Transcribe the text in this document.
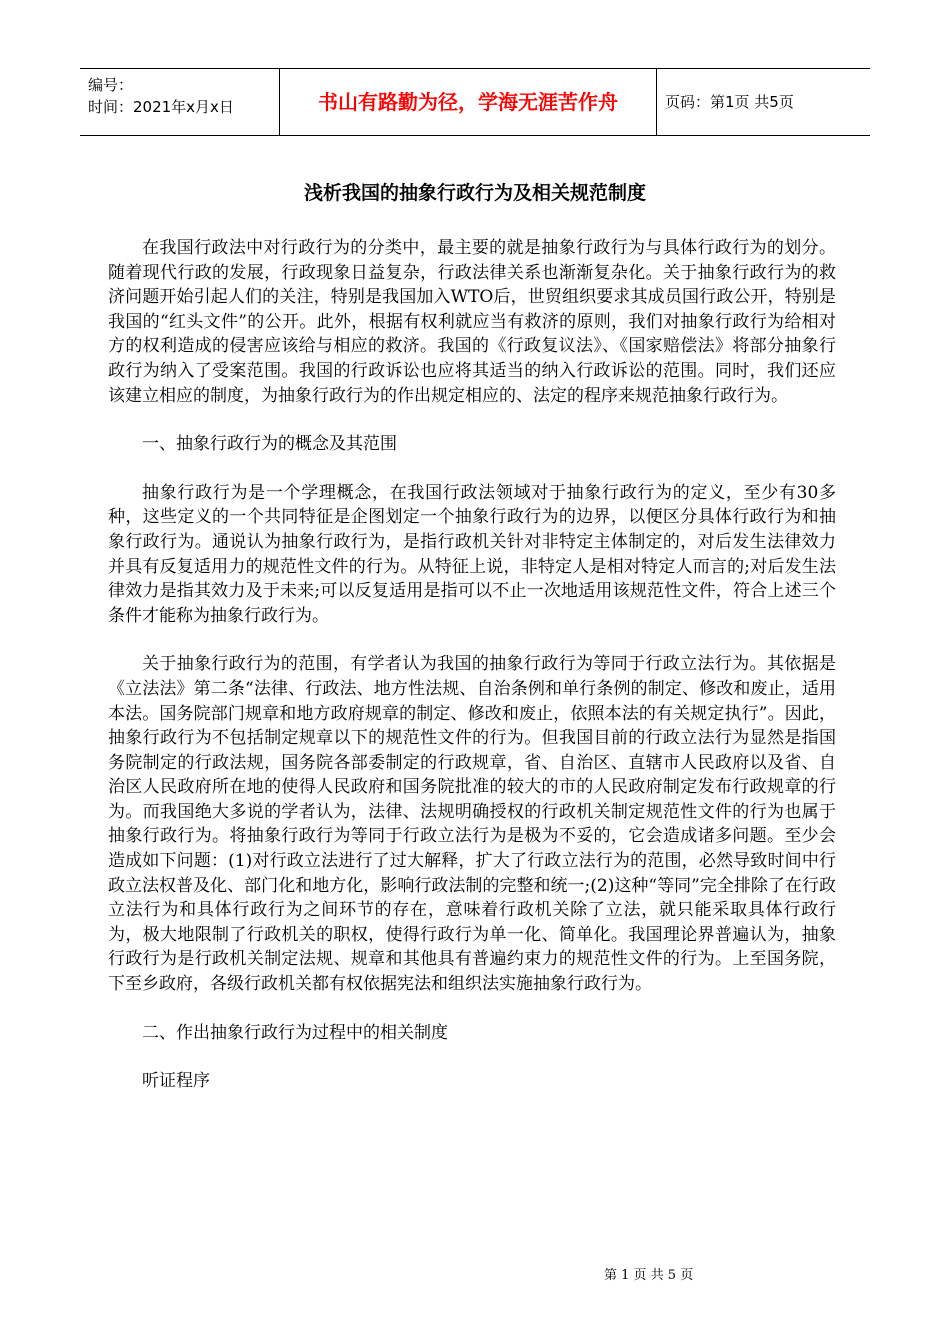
编号：
时间：2021年x月x日	书山有路勤为径，学海无涯苦作舟	页码：第1页 共5页
浅析我国的抽象行政行为及相关规范制度

在我国行政法中对行政行为的分类中，最主要的就是抽象行政行为与具体行政行为的划分。随着现代行政的发展，行政现象日益复杂，行政法律关系也渐渐复杂化。关于抽象行政行为的救济问题开始引起人们的关注，特别是我国加入WTO后，世贸组织要求其成员国行政公开，特别是我国的“红头文件”的公开。此外，根据有权利就应当有救济的原则，我们对抽象行政行为给相对方的权利造成的侵害应该给与相应的救济。我国的《行政复议法》、《国家赔偿法》将部分抽象行政行为纳入了受案范围。我国的行政诉讼也应将其适当的纳入行政诉讼的范围。同时，我们还应该建立相应的制度，为抽象行政行为的作出规定相应的、法定的程序来规范抽象行政行为。

一、抽象行政行为的概念及其范围

抽象行政行为是一个学理概念，在我国行政法领域对于抽象行政行为的定义，至少有30多种，这些定义的一个共同特征是企图划定一个抽象行政行为的边界，以便区分具体行政行为和抽象行政行为。通说认为抽象行政行为，是指行政机关针对非特定主体制定的，对后发生法律效力并具有反复适用力的规范性文件的行为。从特征上说，非特定人是相对特定人而言的;对后发生法律效力是指其效力及于未来;可以反复适用是指可以不止一次地适用该规范性文件，符合上述三个条件才能称为抽象行政行为。

关于抽象行政行为的范围，有学者认为我国的抽象行政行为等同于行政立法行为。其依据是《立法法》第二条“法律、行政法、地方性法规、自治条例和单行条例的制定、修改和废止，适用本法。国务院部门规章和地方政府规章的制定、修改和废止，依照本法的有关规定执行”。因此，抽象行政行为不包括制定规章以下的规范性文件的行为。但我国目前的行政立法行为显然是指国务院制定的行政法规，国务院各部委制定的行政规章，省、自治区、直辖市人民政府以及省、自治区人民政府所在地的使得人民政府和国务院批准的较大的市的人民政府制定发布行政规章的行为。而我国绝大多说的学者认为，法律、法规明确授权的行政机关制定规范性文件的行为也属于抽象行政行为。将抽象行政行为等同于行政立法行为是极为不妥的，它会造成诸多问题。至少会造成如下问题：(1)对行政立法进行了过大解释，扩大了行政立法行为的范围，必然导致时间中行政立法权普及化、部门化和地方化，影响行政法制的完整和统一;(2)这种“等同”完全排除了在行政立法行为和具体行政行为之间环节的存在，意味着行政机关除了立法，就只能采取具体行政行为，极大地限制了行政机关的职权，使得行政行为单一化、简单化。我国理论界普遍认为，抽象行政行为是行政机关制定法规、规章和其他具有普遍约束力的规范性文件的行为。上至国务院，下至乡政府，各级行政机关都有权依据宪法和组织法实施抽象行政行为。

二、作出抽象行政行为过程中的相关制度

听证程序

第 1 页 共 5 页
